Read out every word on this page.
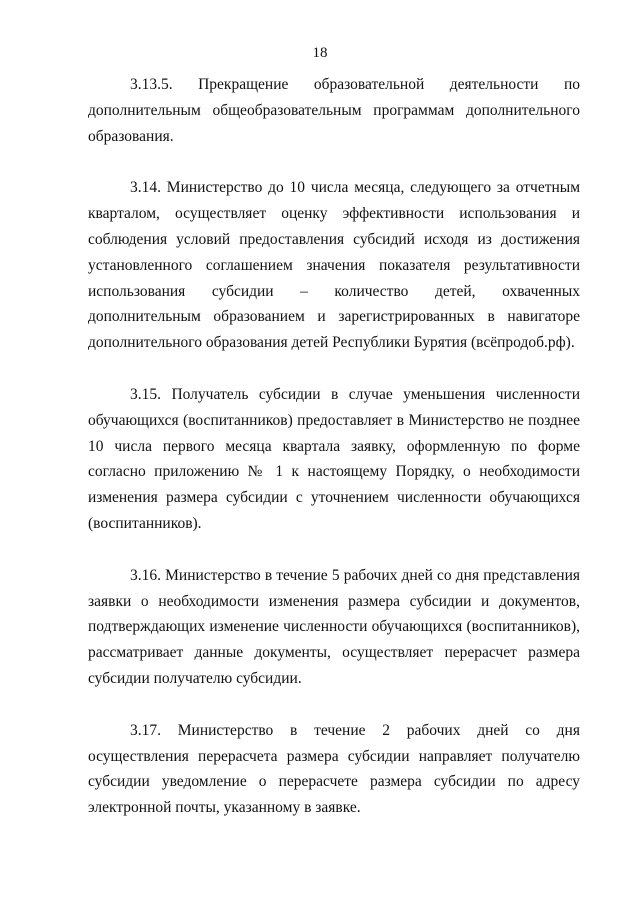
18

3.13.5. Прекращение образовательной деятельности по дополнительным общеобразовательным программам дополнительного образования.

3.14. Министерство до 10 числа месяца, следующего за отчетным кварталом, осуществляет оценку эффективности использования и соблюдения условий предоставления субсидий исходя из достижения установленного соглашением значения показателя результативности использования субсидии – количество детей, охваченных дополнительным образованием и зарегистрированных в навигаторе дополнительного образования детей Республики Бурятия (всёпродоб.рф).

3.15. Получатель субсидии в случае уменьшения численности обучающихся (воспитанников) предоставляет в Министерство не позднее 10 числа первого месяца квартала заявку, оформленную по форме согласно приложению № 1 к настоящему Порядку, о необходимости изменения размера субсидии с уточнением численности обучающихся (воспитанников).

3.16. Министерство в течение 5 рабочих дней со дня представления заявки о необходимости изменения размера субсидии и документов, подтверждающих изменение численности обучающихся (воспитанников), рассматривает данные документы, осуществляет перерасчет размера субсидии получателю субсидии.

3.17. Министерство в течение 2 рабочих дней со дня осуществления перерасчета размера субсидии направляет получателю субсидии уведомление о перерасчете размера субсидии по адресу электронной почты, указанному в заявке.
